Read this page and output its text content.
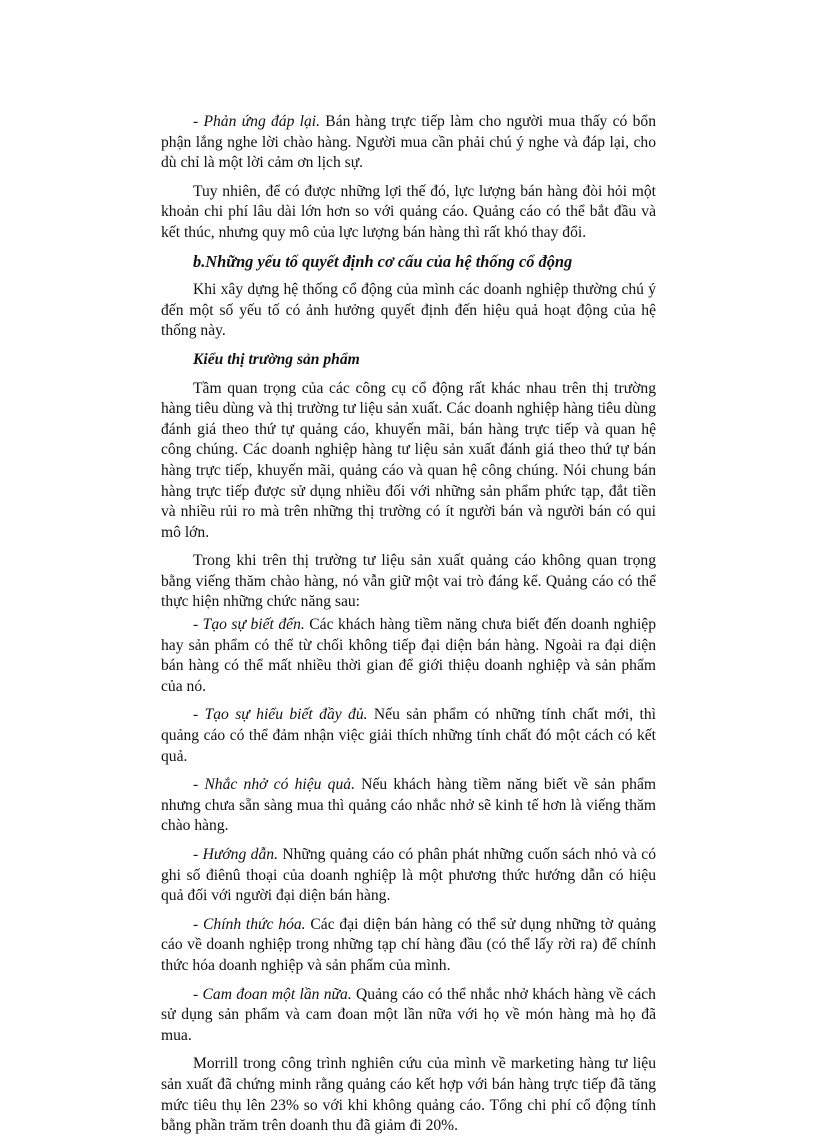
- Phản ứng đáp lại. Bán hàng trực tiếp làm cho người mua thấy có bổn phận lắng nghe lời chào hàng. Người mua cần phải chú ý nghe và đáp lại, cho dù chỉ là một lời cảm ơn lịch sự.

Tuy nhiên, để có được những lợi thế đó, lực lượng bán hàng đòi hỏi một khoản chi phí lâu dài lớn hơn so với quảng cáo. Quảng cáo có thể bắt đầu và kết thúc, nhưng quy mô của lực lượng bán hàng thì rất khó thay đổi.

b.Những yếu tố quyết định cơ cấu của hệ thống cổ động

Khi xây dựng hệ thống cổ động của mình các doanh nghiệp thường chú ý đến một số yếu tố có ảnh hưởng quyết định đến hiệu quả hoạt động của hệ thống này.

Kiểu thị trường sản phẩm

Tầm quan trọng của các công cụ cổ động rất khác nhau trên thị trường hàng tiêu dùng và thị trường tư liệu sản xuất. Các doanh nghiệp hàng tiêu dùng đánh giá theo thứ tự quảng cáo, khuyến mãi, bán hàng trực tiếp và quan hệ công chúng. Các doanh nghiệp hàng tư liệu sản xuất đánh giá theo thứ tự bán hàng trực tiếp, khuyến mãi, quảng cáo và quan hệ công chúng. Nói chung bán hàng trực tiếp được sử dụng nhiều đối với những sản phẩm phức tạp, đắt tiền và nhiều rủi ro mà trên những thị trường có ít người bán và người bán có qui mô lớn.

Trong khi trên thị trường tư liệu sản xuất quảng cáo không quan trọng bằng viếng thăm chào hàng, nó vẫn giữ một vai trò đáng kể. Quảng cáo có thể thực hiện những chức năng sau:

- Tạo sự biết đến. Các khách hàng tiềm năng chưa biết đến doanh nghiệp hay sản phẩm có thể từ chối không tiếp đại diện bán hàng. Ngoài ra đại diện bán hàng có thể mất nhiều thời gian để giới thiệu doanh nghiệp và sản phẩm của nó.

- Tạo sự hiểu biết đầy đủ. Nếu sản phẩm có những tính chất mới, thì quảng cáo có thể đảm nhận việc giải thích những tính chất đó một cách có kết quả.

- Nhắc nhở có hiệu quả. Nếu khách hàng tiềm năng biết về sản phẩm nhưng chưa sẵn sàng mua thì quảng cáo nhắc nhở sẽ kinh tế hơn là viếng thăm chào hàng.

- Hướng dẫn. Những quảng cáo có phân phát những cuốn sách nhỏ và có ghi số điênû thoại của doanh nghiệp là một phương thức hướng dẫn có hiệu quả đối với người đại diện bán hàng.

- Chính thức hóa. Các đại diện bán hàng có thể sử dụng những tờ quảng cáo về doanh nghiệp trong những tạp chí hàng đầu (có thể lấy rời ra) để chính thức hóa doanh nghiệp và sản phẩm của mình.

- Cam đoan một lần nữa. Quảng cáo có thể nhắc nhở khách hàng về cách sử dụng sản phẩm và cam đoan một lần nữa với họ về món hàng mà họ đã mua.

Morrill trong công trình nghiên cứu của mình về marketing hàng tư liệu sản xuất đã chứng minh rằng quảng cáo kết hợp với bán hàng trực tiếp đã tăng mức tiêu thụ lên 23% so với khi không quảng cáo. Tổng chi phí cổ động tính bằng phần trăm trên doanh thu đã giảm đi 20%.
